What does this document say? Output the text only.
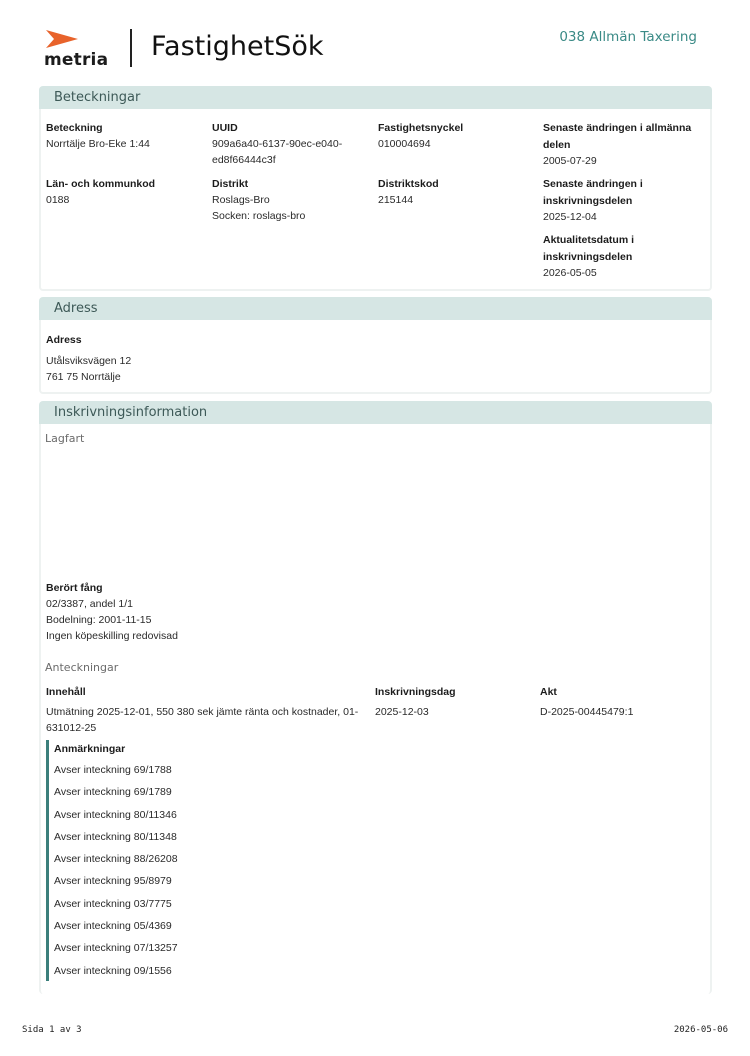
metria FastighetSök	038 Allmän Taxering
Beteckningar
Beteckning
Norrtälje Bro-Eke 1:44
UUID
909a6a40-6137-90ec-e040-
ed8f66444c3f
Fastighetsnyckel
010004694
Senaste ändringen i allmänna
delen
2005-07-29
Län- och kommunkod
0188
Distrikt
Roslags-Bro
Socken: roslags-bro
Distriktskod
215144
Senaste ändringen i
inskrivningsdelen
2025-12-04
Aktualitetsdatum i
inskrivningsdelen
2026-05-05
Adress
Adress
Utålsviksvägen 12
761 75 Norrtälje
Inskrivningsinformation
Lagfart
Berört fång
02/3387, andel 1/1
Bodelning: 2001-11-15
Ingen köpeskilling redovisad
Anteckningar
Innehåll
Utmätning 2025-12-01, 550 380 sek jämte ränta och kostnader, 01-
631012-25
Inskrivningsdag
2025-12-03
Akt
D-2025-00445479:1
Anmärkningar
Avser inteckning 69/1788
Avser inteckning 69/1789
Avser inteckning 80/11346
Avser inteckning 80/11348
Avser inteckning 88/26208
Avser inteckning 95/8979
Avser inteckning 03/7775
Avser inteckning 05/4369
Avser inteckning 07/13257
Avser inteckning 09/1556
Sida 1 av 3	2026-05-06
